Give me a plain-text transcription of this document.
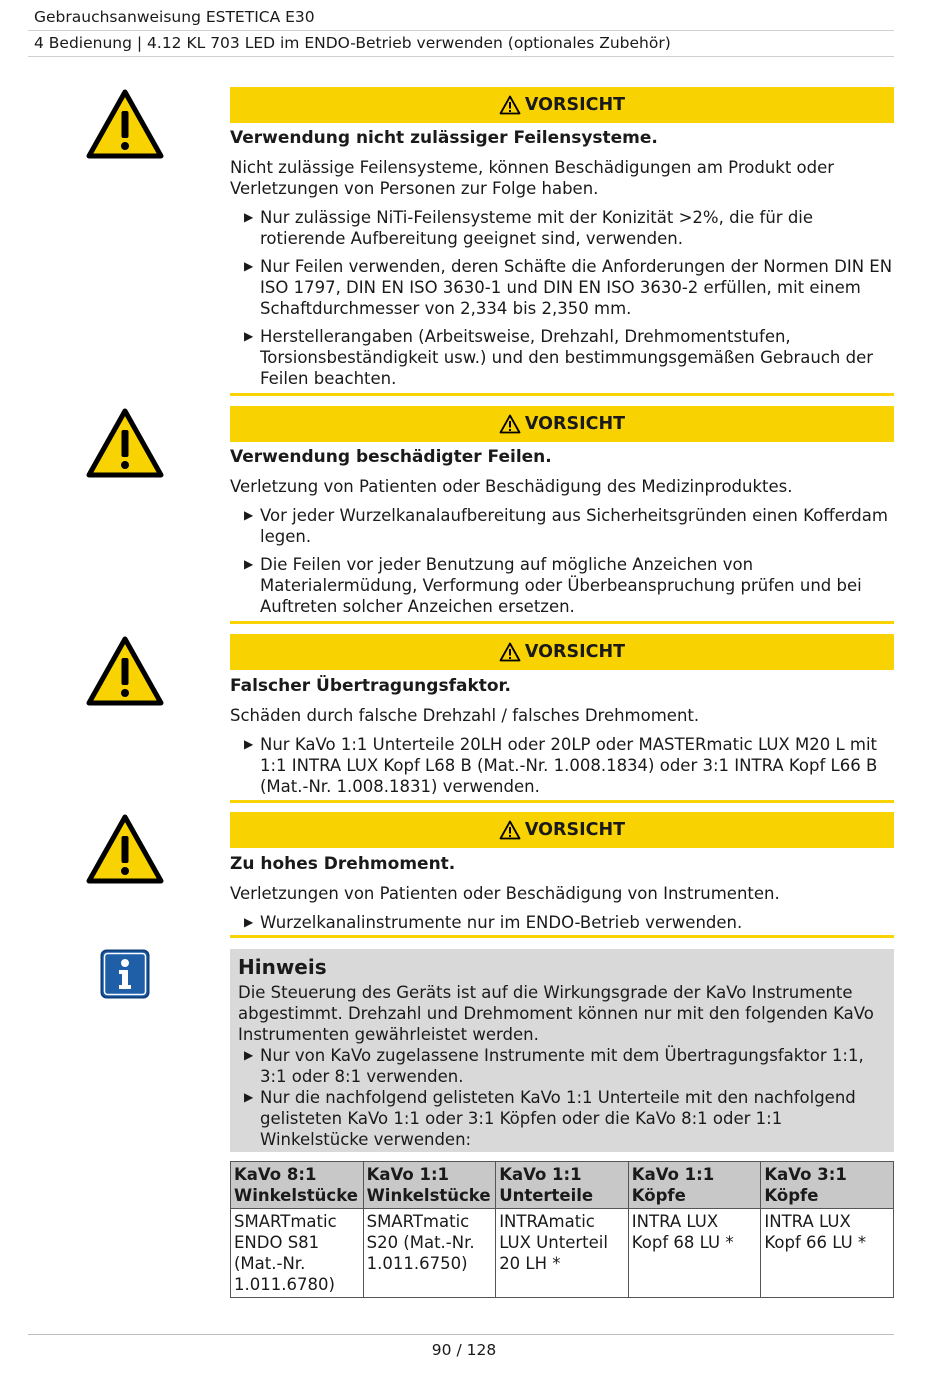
Gebrauchsanweisung ESTETICA E30
4 Bedienung | 4.12 KL 703 LED im ENDO-Betrieb verwenden (optionales Zubehör)
VORSICHT

Verwendung nicht zulässiger Feilensysteme.

Nicht zulässige Feilensysteme, können Beschädigungen am Produkt oder Verletzungen von Personen zur Folge haben.

▶ Nur zulässige NiTi-Feilensysteme mit der Konizität >2%, die für die rotierende Aufbereitung geeignet sind, verwenden.
▶ Nur Feilen verwenden, deren Schäfte die Anforderungen der Normen DIN EN ISO 1797, DIN EN ISO 3630-1 und DIN EN ISO 3630-2 erfüllen, mit einem Schaftdurchmesser von 2,334 bis 2,350 mm.
▶ Herstellerangaben (Arbeitsweise, Drehzahl, Drehmomentstufen, Torsionsbeständigkeit usw.) und den bestimmungsgemäßen Gebrauch der Feilen beachten.
VORSICHT

Verwendung beschädigter Feilen.

Verletzung von Patienten oder Beschädigung des Medizinproduktes.

▶ Vor jeder Wurzelkanalaufbereitung aus Sicherheitsgründen einen Kofferdam legen.
▶ Die Feilen vor jeder Benutzung auf mögliche Anzeichen von Materialermüdung, Verformung oder Überbeanspruchung prüfen und bei Auftreten solcher Anzeichen ersetzen.
VORSICHT

Falscher Übertragungsfaktor.

Schäden durch falsche Drehzahl / falsches Drehmoment.

▶ Nur KaVo 1:1 Unterteile 20LH oder 20LP oder MASTERmatic LUX M20 L mit 1:1 INTRA LUX Kopf L68 B (Mat.-Nr. 1.008.1834) oder 3:1 INTRA Kopf L66 B (Mat.-Nr. 1.008.1831) verwenden.
VORSICHT

Zu hohes Drehmoment.

Verletzungen von Patienten oder Beschädigung von Instrumenten.

▶ Wurzelkanalinstrumente nur im ENDO-Betrieb verwenden.
Hinweis
Die Steuerung des Geräts ist auf die Wirkungsgrade der KaVo Instrumente abgestimmt. Drehzahl und Drehmoment können nur mit den folgenden KaVo Instrumenten gewährleistet werden.
▶ Nur von KaVo zugelassene Instrumente mit dem Übertragungsfaktor 1:1, 3:1 oder 8:1 verwenden.
▶ Nur die nachfolgend gelisteten KaVo 1:1 Unterteile mit den nachfolgend gelisteten KaVo 1:1 oder 3:1 Köpfen oder die KaVo 8:1 oder 1:1 Winkelstücke verwenden:
KaVo 8:1 Winkelstücke	KaVo 1:1 Winkelstücke	KaVo 1:1 Unterteile	KaVo 1:1 Köpfe	KaVo 3:1 Köpfe
SMARTmatic ENDO S81 (Mat.-Nr. 1.011.6780)	SMARTmatic S20 (Mat.-Nr. 1.011.6750)	INTRAmatic LUX Unterteil 20 LH *	INTRA LUX Kopf 68 LU *	INTRA LUX Kopf 66 LU *
90 / 128
